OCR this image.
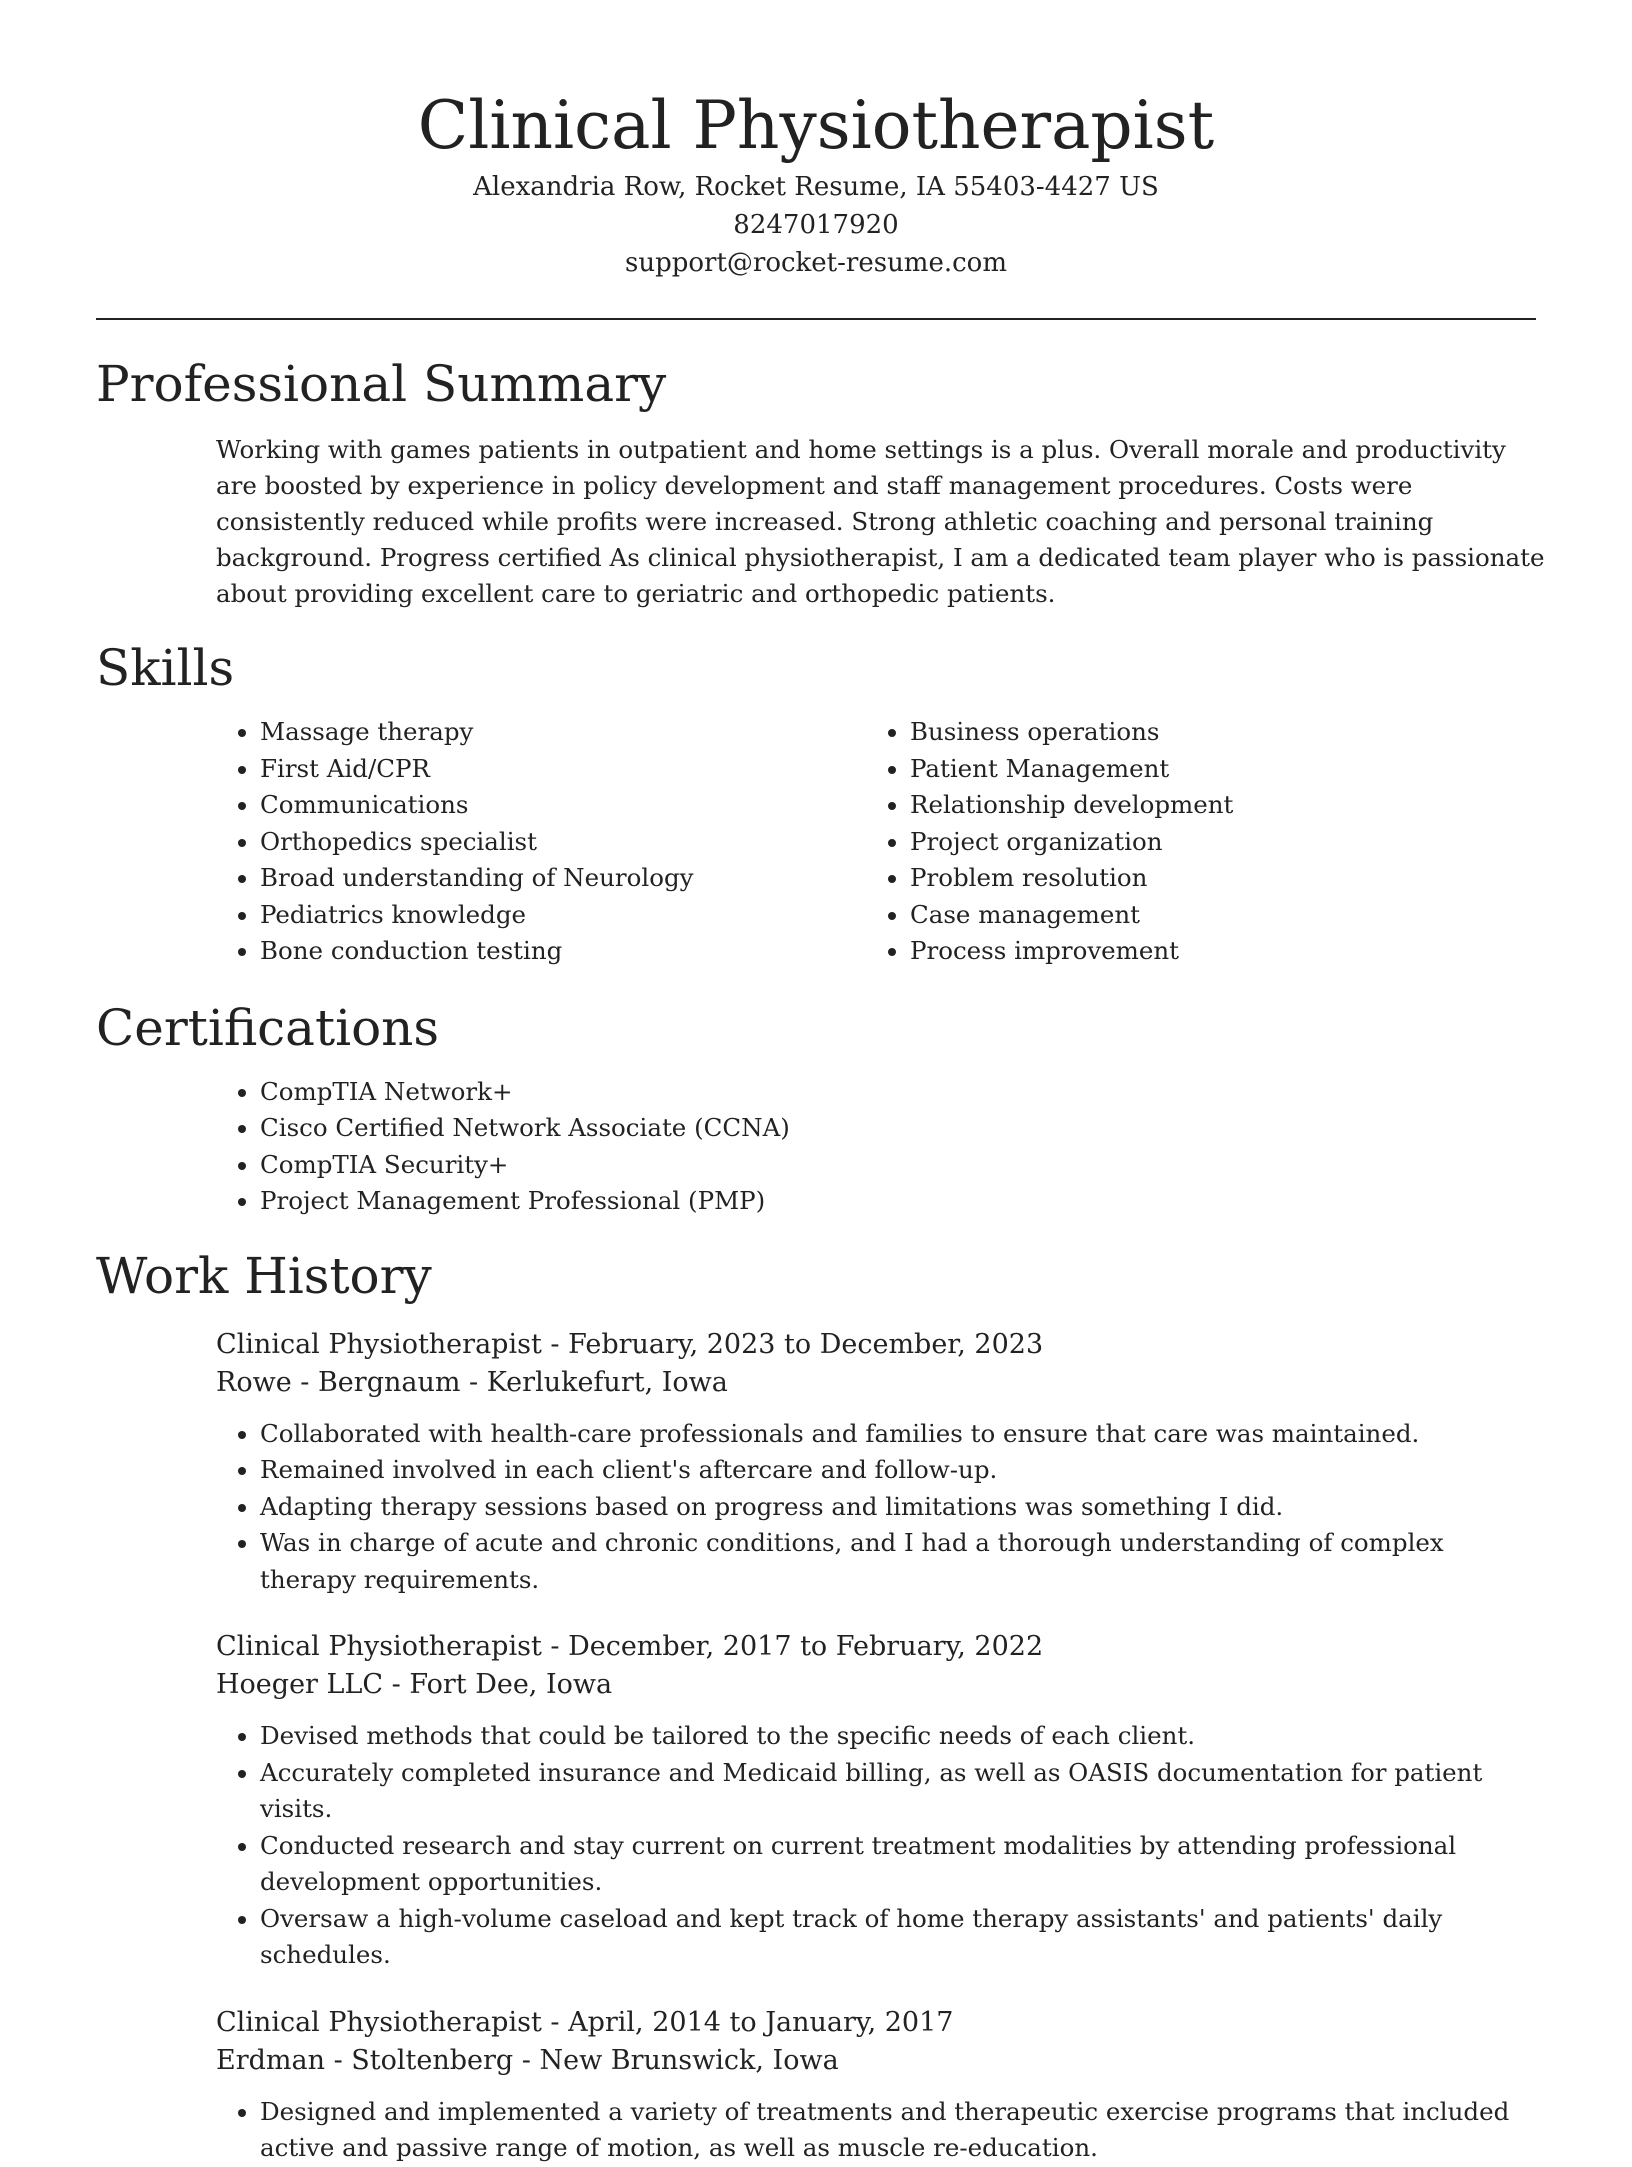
Clinical Physiotherapist
Alexandria Row, Rocket Resume, IA 55403-4427 US
8247017920
support@rocket-resume.com
Professional Summary

Working with games patients in outpatient and home settings is a plus. Overall morale and productivity are boosted by experience in policy development and staff management procedures. Costs were consistently reduced while profits were increased. Strong athletic coaching and personal training background. Progress certified As clinical physiotherapist, I am a dedicated team player who is passionate about providing excellent care to geriatric and orthopedic patients.

Skills
• Massage therapy
• First Aid/CPR
• Communications
• Orthopedics specialist
• Broad understanding of Neurology
• Pediatrics knowledge
• Bone conduction testing
• Business operations
• Patient Management
• Relationship development
• Project organization
• Problem resolution
• Case management
• Process improvement
Certifications
• CompTIA Network+
• Cisco Certified Network Associate (CCNA)
• CompTIA Security+
• Project Management Professional (PMP)
Work History
Clinical Physiotherapist - February, 2023 to December, 2023
Rowe - Bergnaum - Kerlukefurt, Iowa
• Collaborated with health-care professionals and families to ensure that care was maintained.
• Remained involved in each client's aftercare and follow-up.
• Adapting therapy sessions based on progress and limitations was something I did.
• Was in charge of acute and chronic conditions, and I had a thorough understanding of complex therapy requirements.
Clinical Physiotherapist - December, 2017 to February, 2022
Hoeger LLC - Fort Dee, Iowa
• Devised methods that could be tailored to the specific needs of each client.
• Accurately completed insurance and Medicaid billing, as well as OASIS documentation for patient visits.
• Conducted research and stay current on current treatment modalities by attending professional development opportunities.
• Oversaw a high-volume caseload and kept track of home therapy assistants' and patients' daily schedules.
Clinical Physiotherapist - April, 2014 to January, 2017
Erdman - Stoltenberg - New Brunswick, Iowa
• Designed and implemented a variety of treatments and therapeutic exercise programs that included active and passive range of motion, as well as muscle re-education.
